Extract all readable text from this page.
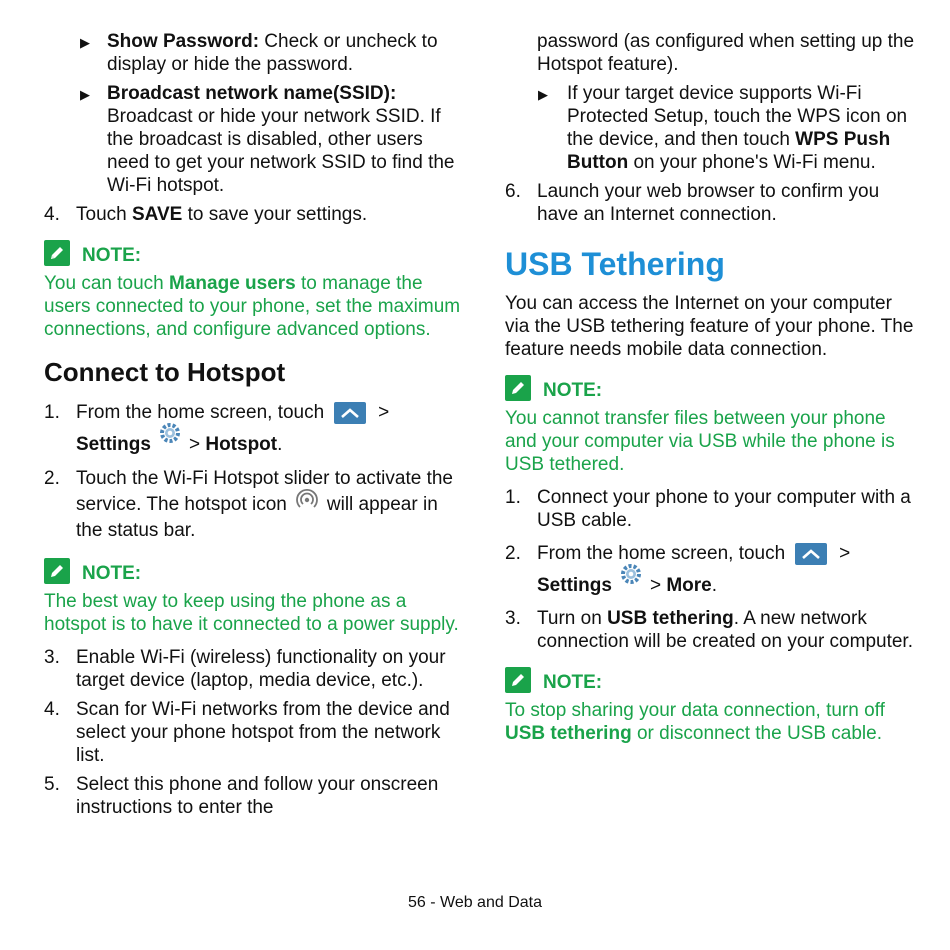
▶ Show Password: Check or uncheck to display or hide the password.
▶ Broadcast network name(SSID): Broadcast or hide your network SSID. If the broadcast is disabled, other users need to get your network SSID to find the Wi-Fi hotspot.
4. Touch SAVE to save your settings.
NOTE:
You can touch Manage users to manage the users connected to your phone, set the maximum connections, and configure advanced options.
Connect to Hotspot
1. From the home screen, touch	>
Settings > Hotspot.
2. Touch the Wi-Fi Hotspot slider to activate the service. The hotspot icon will appear in the status bar.
NOTE:
The best way to keep using the phone as a hotspot is to have it connected to a power supply.
3. Enable Wi-Fi (wireless) functionality on your target device (laptop, media device, etc.).
4. Scan for Wi-Fi networks from the device and select your phone hotspot from the network list.
5. Select this phone and follow your onscreen instructions to enter the
password (as configured when setting up the Hotspot feature).
▶ If your target device supports Wi-Fi Protected Setup, touch the WPS icon on the device, and then touch WPS Push Button on your phone's Wi-Fi menu.
6. Launch your web browser to confirm you have an Internet connection.
USB Tethering
You can access the Internet on your computer via the USB tethering feature of your phone. The feature needs mobile data connection.
NOTE:
You cannot transfer files between your phone and your computer via USB while the phone is USB tethered.
1. Connect your phone to your computer with a USB cable.
2. From the home screen, touch	>
Settings > More.
3. Turn on USB tethering. A new network connection will be created on your computer.
NOTE:
To stop sharing your data connection, turn off USB tethering or disconnect the USB cable.
56 - Web and Data
